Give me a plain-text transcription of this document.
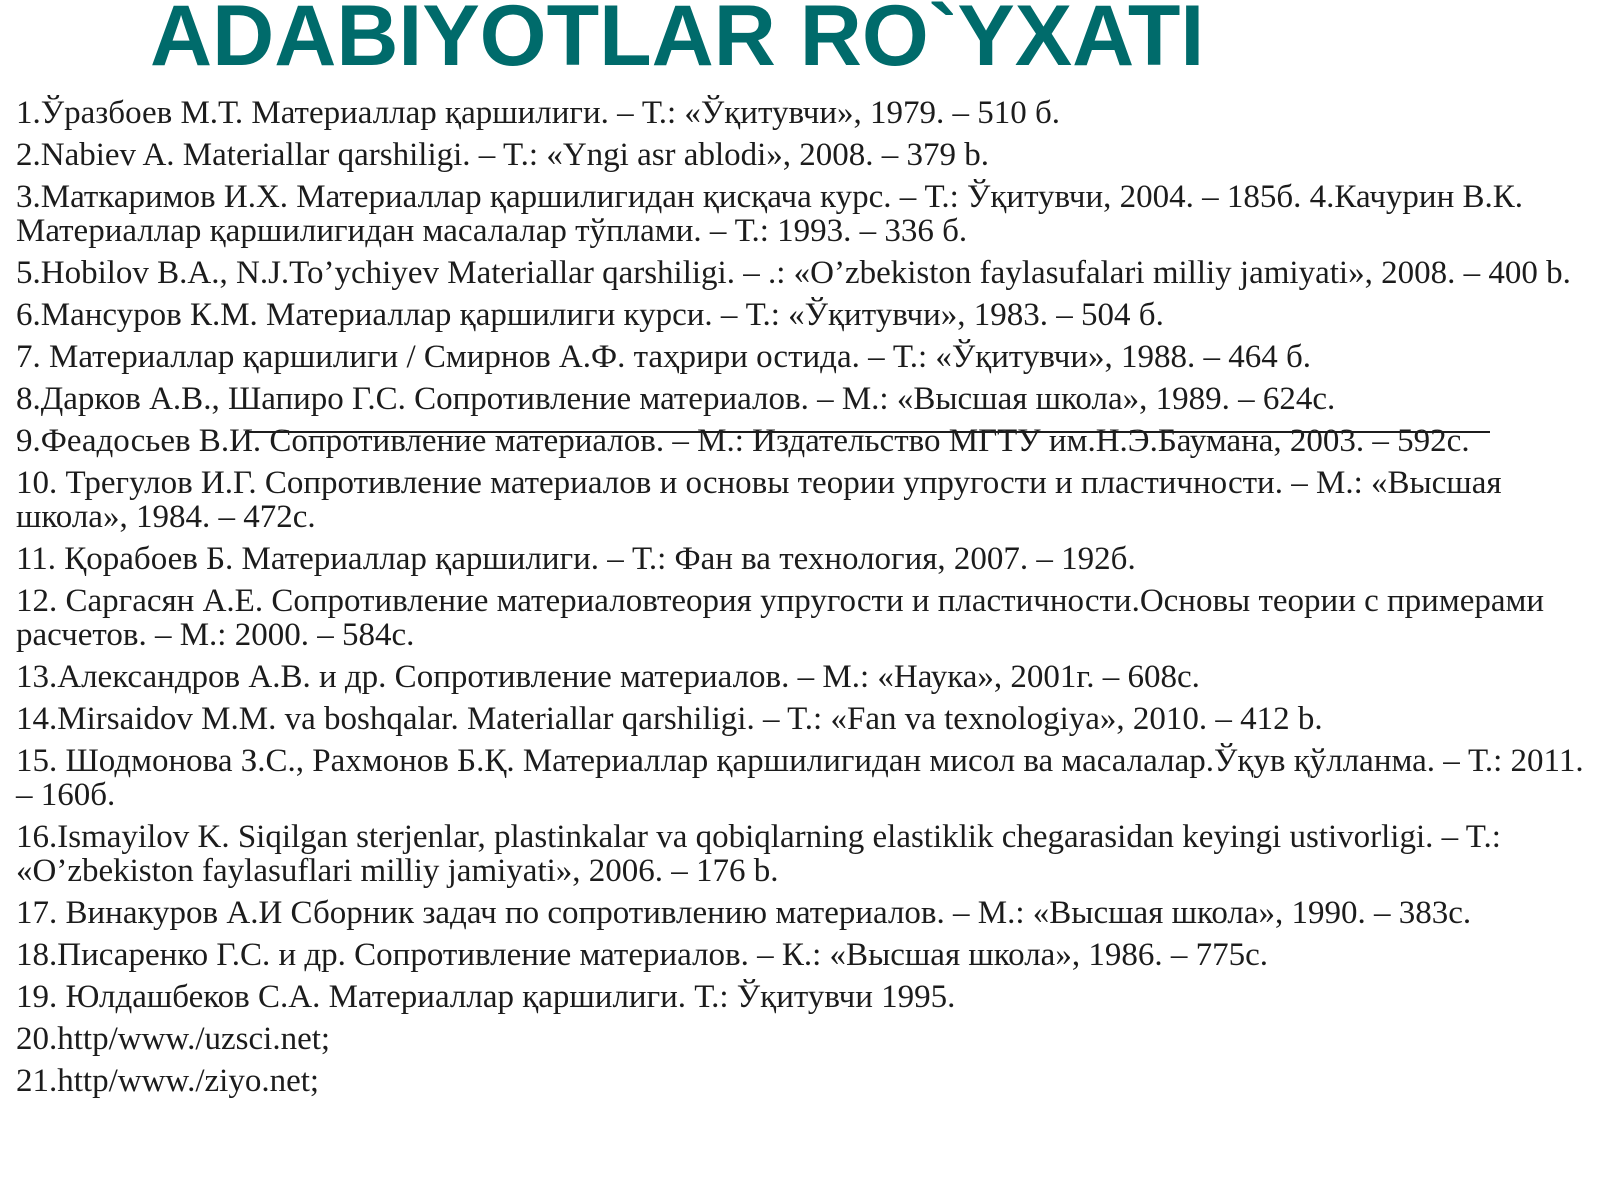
ADABIYOTLAR RO`YXATI
1.Ўразбоев М.Т. Материаллар қаршилиги. – Т.: «Ўқитувчи», 1979. – 510 б.
2.Nabiev A. Materiallar qarshiligi. – T.: «Yngi asr ablodi», 2008. – 379 b.
3.Маткаримов И.Х. Материаллар қаршилигидан қисқача курс. – Т.: Ўқитувчи, 2004. – 185б. 4.Качурин В.К. Материаллар қаршилигидан масалалар тўплами. – Т.: 1993. – 336 б.
5.Hobilov B.A., N.J.To’ychiyev Materiallar qarshiligi. – .: «O’zbekiston faylasufalari milliy jamiyati», 2008. – 400 b.
6.Мансуров К.М. Материаллар қаршилиги курси. – Т.: «Ўқитувчи», 1983. – 504 б.
7. Материаллар қаршилиги / Смирнов А.Ф. таҳрири остида. – Т.: «Ўқитувчи», 1988. – 464 б.
8.Дарков А.В., Шапиро Г.С. Сопротивление материалов. – М.: «Высшая школа», 1989. – 624с.
9.Феадосьев В.И. Сопротивление материалов. – М.: Издательство МГТУ им.Н.Э.Баумана, 2003. – 592с.
10. Трегулов И.Г. Сопротивление материалов и основы теории упругости и пластичности. – М.: «Высшая школа», 1984. – 472с.
11. Қорабоев Б. Материаллар қаршилиги. – Т.: Фан ва технология, 2007. – 192б.
12. Саргасян А.Е. Сопротивление материаловтеория упругости и пластичности.Основы теории с примерами расчетов. – М.: 2000. – 584с.
13.Александров А.В. и др. Сопротивление материалов. – М.: «Наука», 2001г. – 608с.
14.Mirsaidov M.M. va boshqalar. Materiallar qarshiligi. – T.: «Fan va texnologiya», 2010. – 412 b.
15. Шодмонова З.С., Рахмонов Б.Қ. Материаллар қаршилигидан мисол ва масалалар.Ўқув қўлланма. – Т.: 2011. – 160б.
16.Ismayilov K. Siqilgan sterjenlar, plastinkalar va qobiqlarning elastiklik chegarasidan keyingi ustivorligi. – T.: «O’zbekiston faylasuflari milliy jamiyati», 2006. – 176 b.
17. Винакуров А.И Сборник задач по сопротивлению материалов. – М.: «Высшая школа», 1990. – 383с.
18.Писаренко Г.С. и др. Сопротивление материалов. – К.: «Высшая школа», 1986. – 775с.
19. Юлдашбеков С.А. Материаллар қаршилиги. Т.: Ўқитувчи 1995.
20.http/www./uzsci.net;
21.http/www./ziyo.net;
